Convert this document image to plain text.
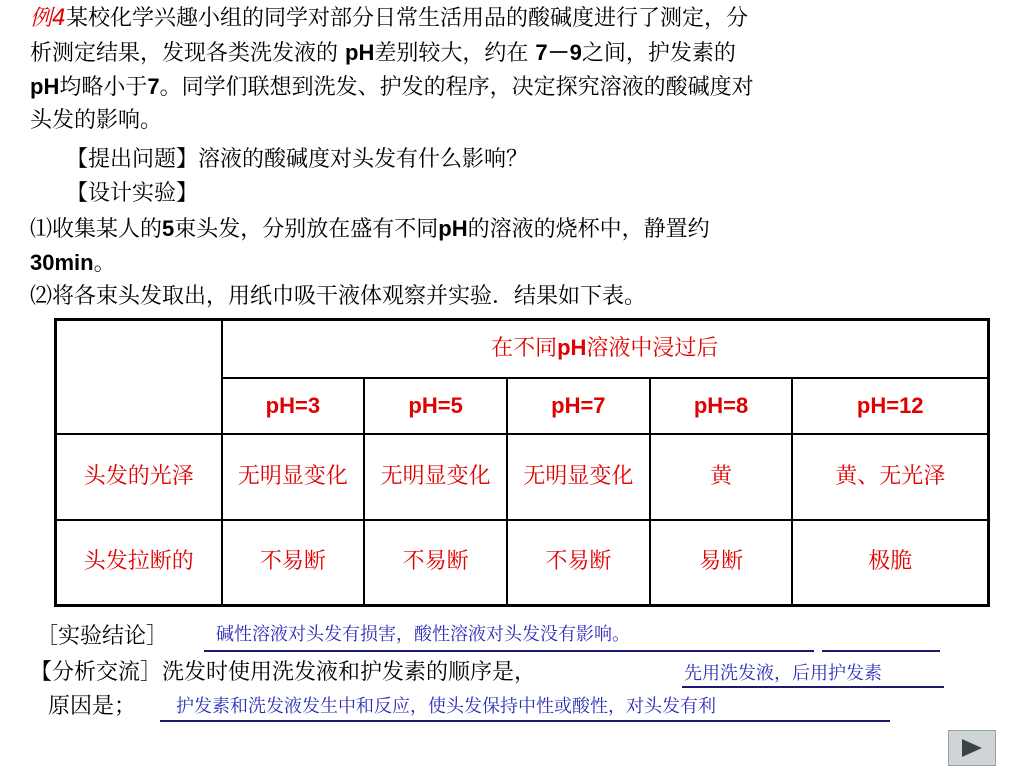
例4某校化学兴趣小组的同学对部分日常生活用品的酸碱度进行了测定，分
析测定结果，发现各类洗发液的 pH差别较大，约在 7－9之间，护发素的
pH均略小于7。同学们联想到洗发、护发的程序，决定探究溶液的酸碱度对
头发的影响。
【提出问题】溶液的酸碱度对头发有什么影响？
【设计实验】
⑴收集某人的5束头发，分别放在盛有不同pH的溶液的烧杯中，静置约
30min。
⑵将各束头发取出，用纸巾吸干液体观察并实验．结果如下表。
	在不同pH溶液中浸过后				
	pH=3	pH=5	pH=7	pH=8	pH=12
头发的光泽	无明显变化	无明显变化	无明显变化	黄	黄、无光泽
头发拉断的	不易断	不易断	不易断	易断	极脆
［实验结论］	碱性溶液对头发有损害，酸性溶液对头发没有影响。
【分析交流］洗发时使用洗发液和护发素的顺序是，	先用洗发液，后用护发素
原因是； 护发素和洗发液发生中和反应，使头发保持中性或酸性，对头发有利
